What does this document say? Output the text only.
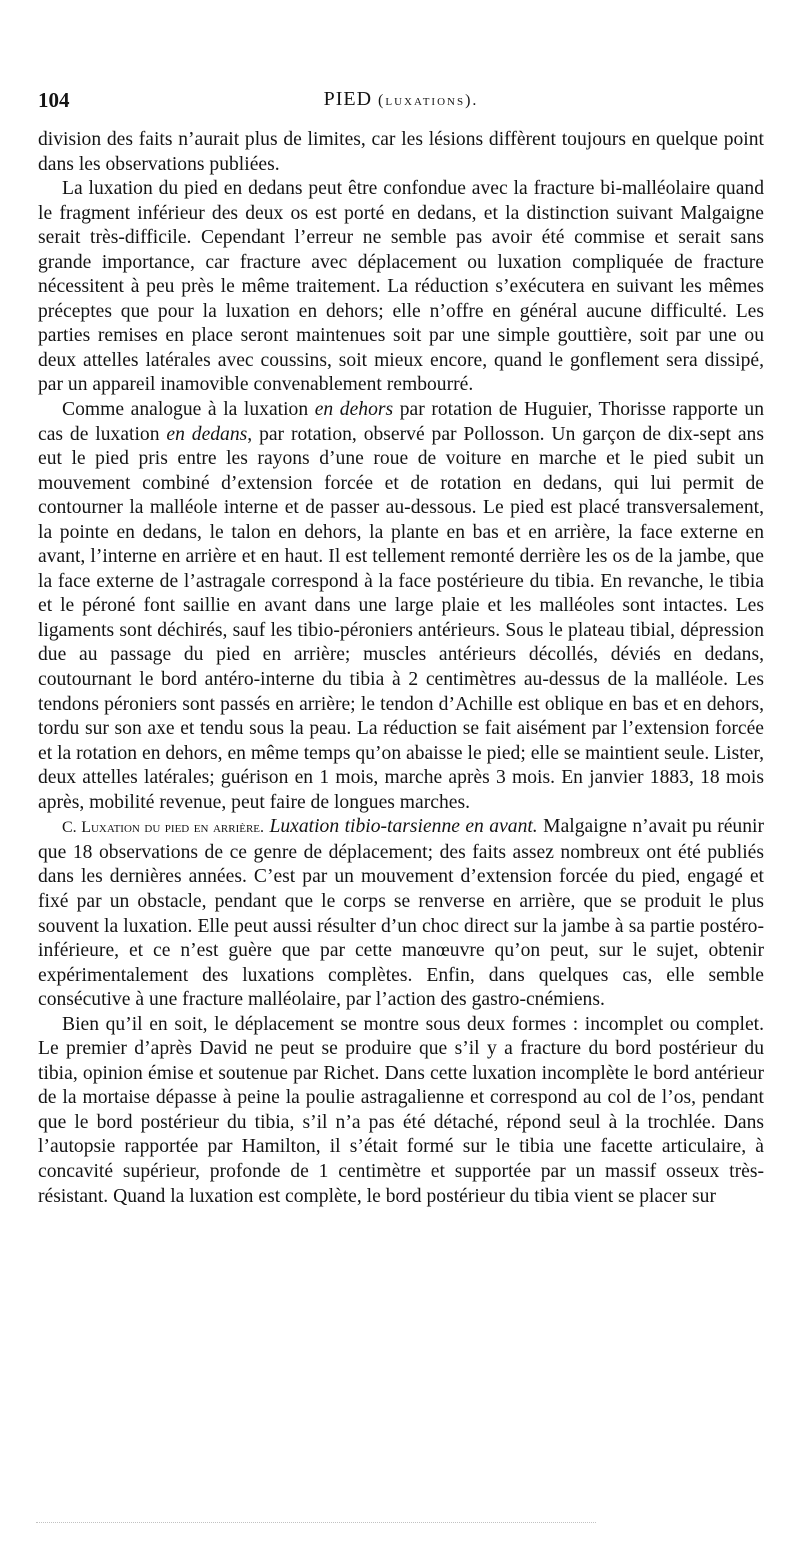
104	PIED (luxations).

division des faits n’aurait plus de limites, car les lésions diffèrent toujours en quelque point dans les observations publiées.

La luxation du pied en dedans peut être confondue avec la fracture bi-malléolaire quand le fragment inférieur des deux os est porté en dedans, et la distinction suivant Malgaigne serait très-difficile. Cependant l’erreur ne semble pas avoir été commise et serait sans grande importance, car fracture avec déplacement ou luxation compliquée de fracture nécessitent à peu près le même traitement. La réduction s’exécutera en suivant les mêmes préceptes que pour la luxation en dehors; elle n’offre en général aucune difficulté. Les parties remises en place seront maintenues soit par une simple gouttière, soit par une ou deux attelles latérales avec coussins, soit mieux encore, quand le gonflement sera dissipé, par un appareil inamovible convenablement rembourré.

Comme analogue à la luxation en dehors par rotation de Huguier, Thorisse rapporte un cas de luxation en dedans, par rotation, observé par Pollosson. Un garçon de dix-sept ans eut le pied pris entre les rayons d’une roue de voiture en marche et le pied subit un mouvement combiné d’extension forcée et de rotation en dedans, qui lui permit de contourner la malléole interne et de passer au-dessous. Le pied est placé transversalement, la pointe en dedans, le talon en dehors, la plante en bas et en arrière, la face externe en avant, l’interne en arrière et en haut. Il est tellement remonté derrière les os de la jambe, que la face externe de l’astragale correspond à la face postérieure du tibia. En revanche, le tibia et le péroné font saillie en avant dans une large plaie et les malléoles sont intactes. Les ligaments sont déchirés, sauf les tibio-péroniers antérieurs. Sous le plateau tibial, dépression due au passage du pied en arrière; muscles antérieurs décollés, déviés en dedans, coutournant le bord antéro-interne du tibia à 2 centimètres au-dessus de la malléole. Les tendons péroniers sont passés en arrière; le tendon d’Achille est oblique en bas et en dehors, tordu sur son axe et tendu sous la peau. La réduction se fait aisément par l’extension forcée et la rotation en dehors, en même temps qu’on abaisse le pied; elle se maintient seule. Lister, deux attelles latérales; guérison en 1 mois, marche après 3 mois. En janvier 1883, 18 mois après, mobilité revenue, peut faire de longues marches.

C. Luxation du pied en arrière. Luxation tibio-tarsienne en avant. Malgaigne n’avait pu réunir que 18 observations de ce genre de déplacement; des faits assez nombreux ont été publiés dans les dernières années. C’est par un mouvement d’extension forcée du pied, engagé et fixé par un obstacle, pendant que le corps se renverse en arrière, que se produit le plus souvent la luxation. Elle peut aussi résulter d’un choc direct sur la jambe à sa partie postéro-inférieure, et ce n’est guère que par cette manœuvre qu’on peut, sur le sujet, obtenir expérimentalement des luxations complètes. Enfin, dans quelques cas, elle semble consécutive à une fracture malléolaire, par l’action des gastro-cnémiens.

Bien qu’il en soit, le déplacement se montre sous deux formes : incomplet ou complet. Le premier d’après David ne peut se produire que s’il y a fracture du bord postérieur du tibia, opinion émise et soutenue par Richet. Dans cette luxation incomplète le bord antérieur de la mortaise dépasse à peine la poulie astragalienne et correspond au col de l’os, pendant que le bord postérieur du tibia, s’il n’a pas été détaché, répond seul à la trochlée. Dans l’autopsie rapportée par Hamilton, il s’était formé sur le tibia une facette articulaire, à concavité supérieur, profonde de 1 centimètre et supportée par un massif osseux très-résistant. Quand la luxation est complète, le bord postérieur du tibia vient se placer sur
